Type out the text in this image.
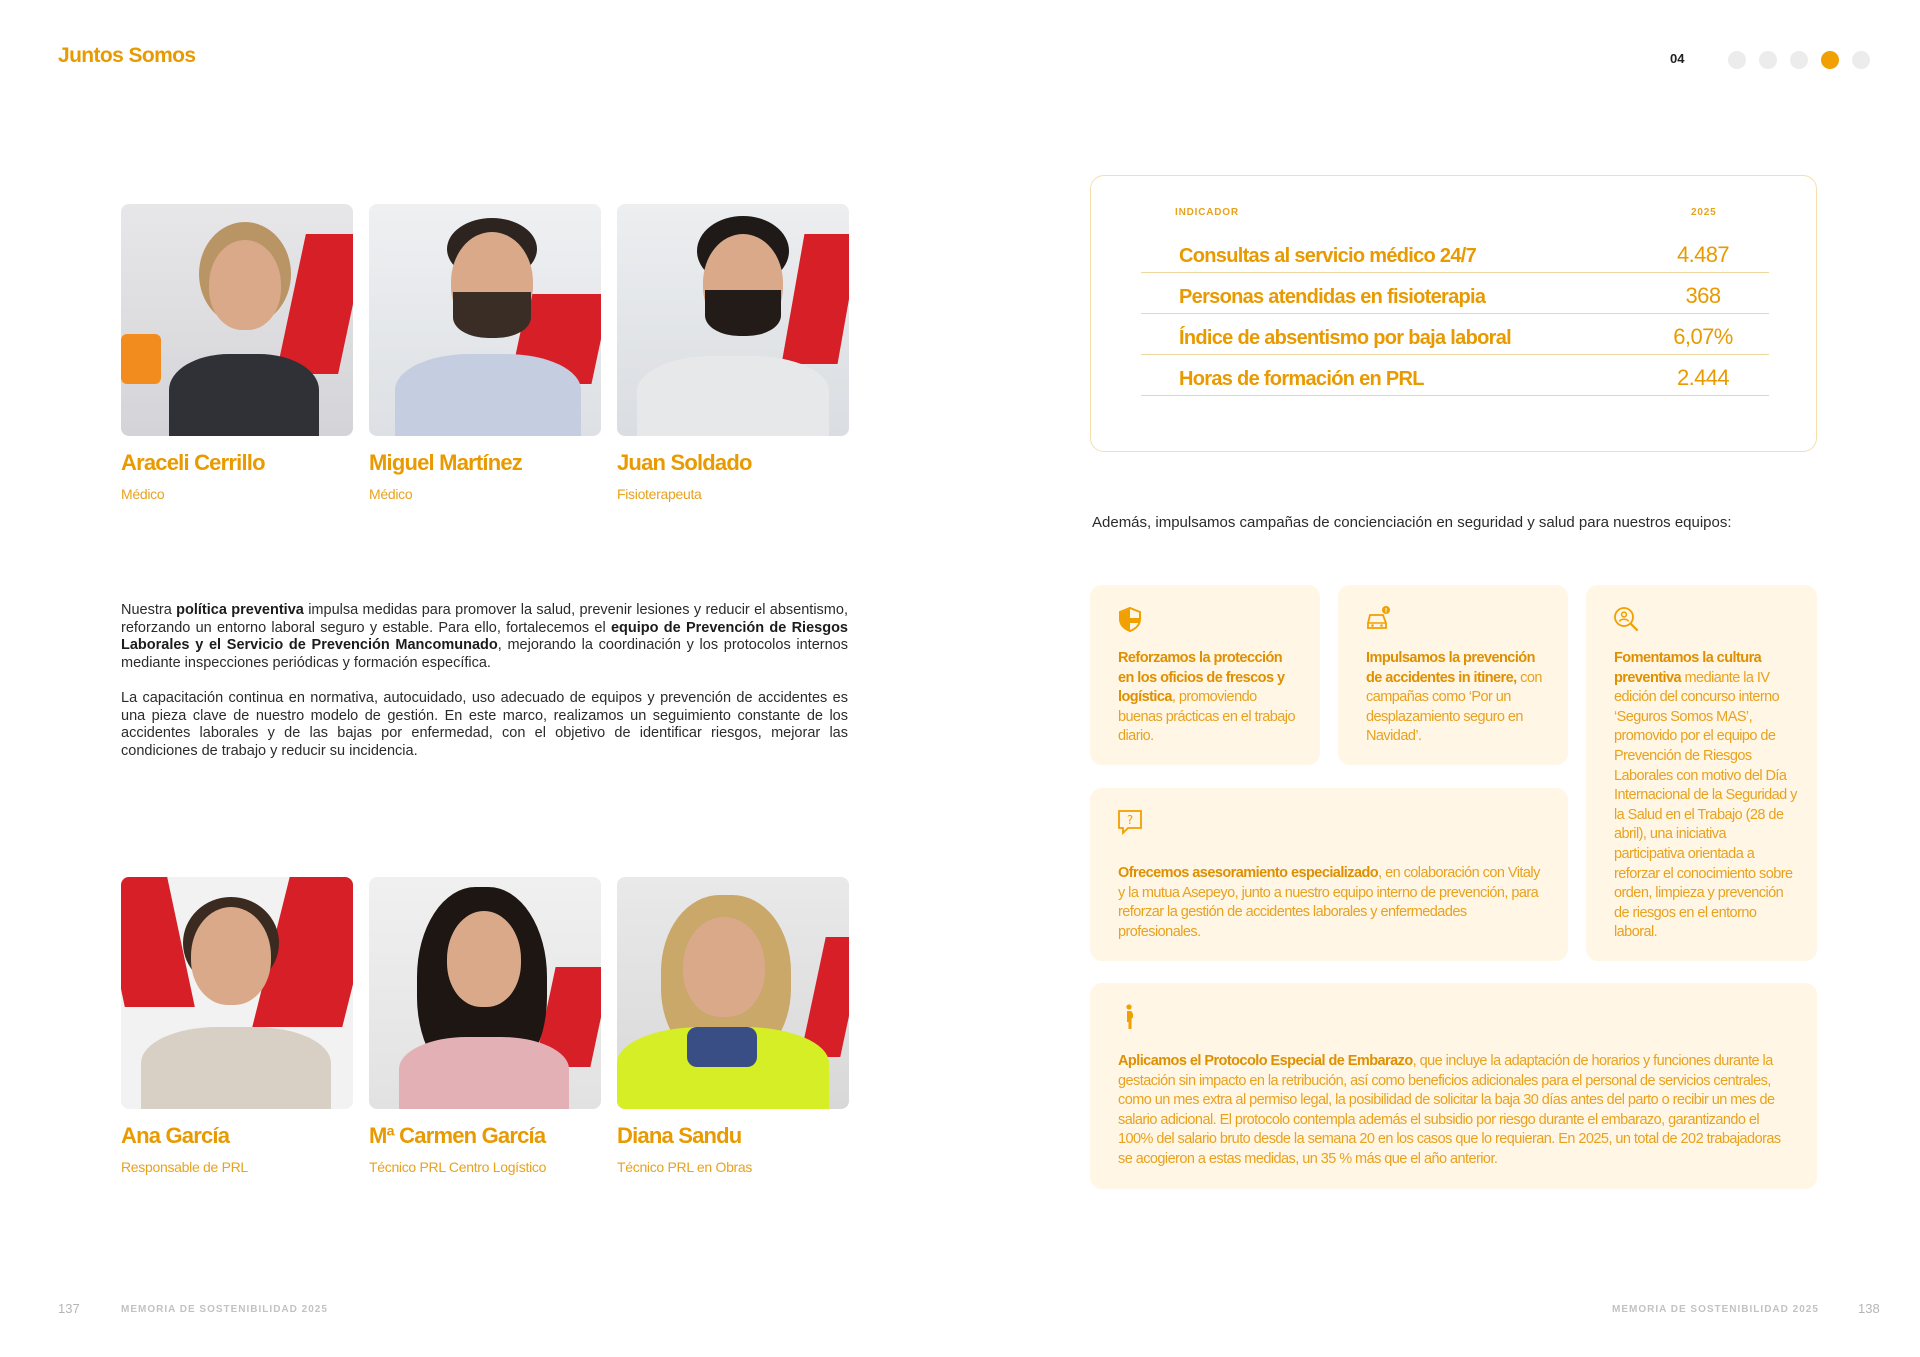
Juntos Somos	04
Araceli Cerrillo
Médico
Miguel Martínez
Médico
Juan Soldado
Fisioterapeuta
Nuestra política preventiva impulsa medidas para promover la salud, prevenir lesiones y reducir el absentismo, reforzando un entorno laboral seguro y estable. Para ello, fortalecemos el equipo de Prevención de Riesgos Laborales y el Servicio de Prevención Mancomunado, mejorando la coordinación y los protocolos internos mediante inspecciones periódicas y formación específica.
La capacitación continua en normativa, autocuidado, uso adecuado de equipos y prevención de accidentes es una pieza clave de nuestro modelo de gestión. En este marco, realizamos un seguimiento constante de los accidentes laborales y de las bajas por enfermedad, con el objetivo de identificar riesgos, mejorar las condiciones de trabajo y reducir su incidencia.
Ana García
Responsable de PRL
Mª Carmen García
Técnico PRL Centro Logístico
Diana Sandu
Técnico PRL en Obras
INDICADOR	2025
Consultas al servicio médico 24/7	4.487
Personas atendidas en fisioterapia	368
Índice de absentismo por baja laboral	6,07%
Horas de formación en PRL	2.444
Además, impulsamos campañas de concienciación en seguridad y salud para nuestros equipos:
Reforzamos la protección en los oficios de frescos y logística, promoviendo buenas prácticas en el trabajo diario.
!
Impulsamos la prevención de accidentes in itinere, con campañas como ‘Por un desplazamiento seguro en Navidad’.
Fomentamos la cultura preventiva mediante la IV edición del concurso interno ‘Seguros Somos MAS’, promovido por el equipo de Prevención de Riesgos Laborales con motivo del Día Internacional de la Seguridad y la Salud en el Trabajo (28 de abril), una iniciativa participativa orientada a reforzar el conocimiento sobre orden, limpieza y prevención de riesgos en el entorno laboral.
?
Ofrecemos asesoramiento especializado, en colaboración con Vitaly y la mutua Asepeyo, junto a nuestro equipo interno de prevención, para reforzar la gestión de accidentes laborales y enfermedades profesionales.
Aplicamos el Protocolo Especial de Embarazo, que incluye la adaptación de horarios y funciones durante la gestación sin impacto en la retribución, así como beneficios adicionales para el personal de servicios centrales, como un mes extra al permiso legal, la posibilidad de solicitar la baja 30 días antes del parto o recibir un mes de salario adicional. El protocolo contempla además el subsidio por riesgo durante el embarazo, garantizando el 100% del salario bruto desde la semana 20 en los casos que lo requieran. En 2025, un total de 202 trabajadoras se acogieron a estas medidas, un 35 % más que el año anterior.
137	MEMORIA DE SOSTENIBILIDAD 2025	MEMORIA DE SOSTENIBILIDAD 2025	138
